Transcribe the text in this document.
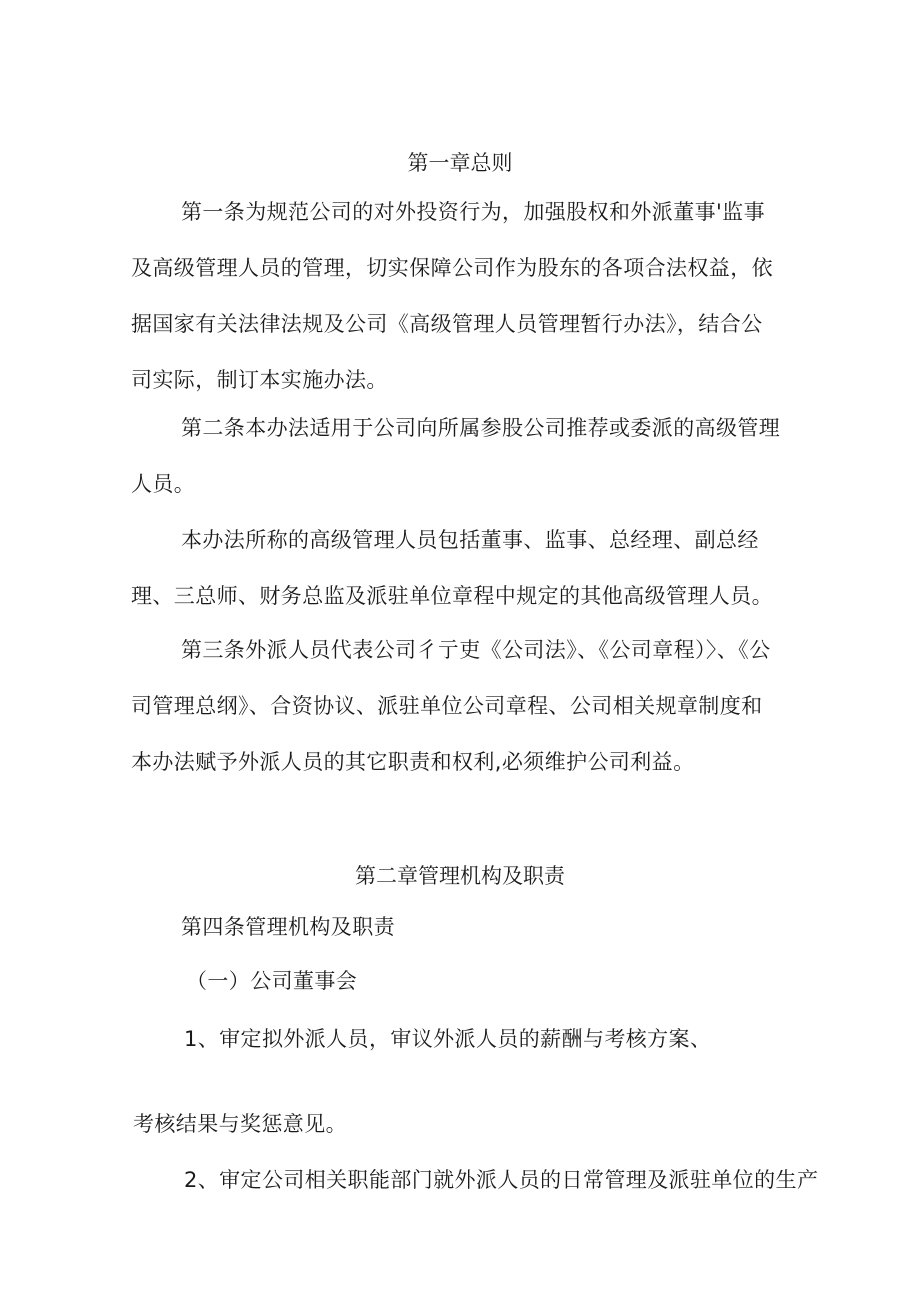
第一章总则

第一条为规范公司的对外投资行为，加强股权和外派董事'监事及高级管理人员的管理，切实保障公司作为股东的各项合法权益，依据国家有关法律法规及公司《高级管理人员管理暂行办法》，结合公司实际，制订本实施办法。

第二条本办法适用于公司向所属参股公司推荐或委派的高级管理人员。

本办法所称的高级管理人员包括董事、监事、总经理、副总经理、三总师、财务总监及派驻单位章程中规定的其他高级管理人员。

第三条外派人员代表公司彳亍吏《公司法》、《公司章程）〉、《公司管理总纲》、合资协议、派驻单位公司章程、公司相关规章制度和本办法赋予外派人员的其它职责和权利,必须维护公司利益。

第二章管理机构及职责
第四条管理机构及职责
（一）公司董事会
1、审定拟外派人员，审议外派人员的薪酬与考核方案、
考核结果与奖惩意见。
2、审定公司相关职能部门就外派人员的日常管理及派驻单位的生产
